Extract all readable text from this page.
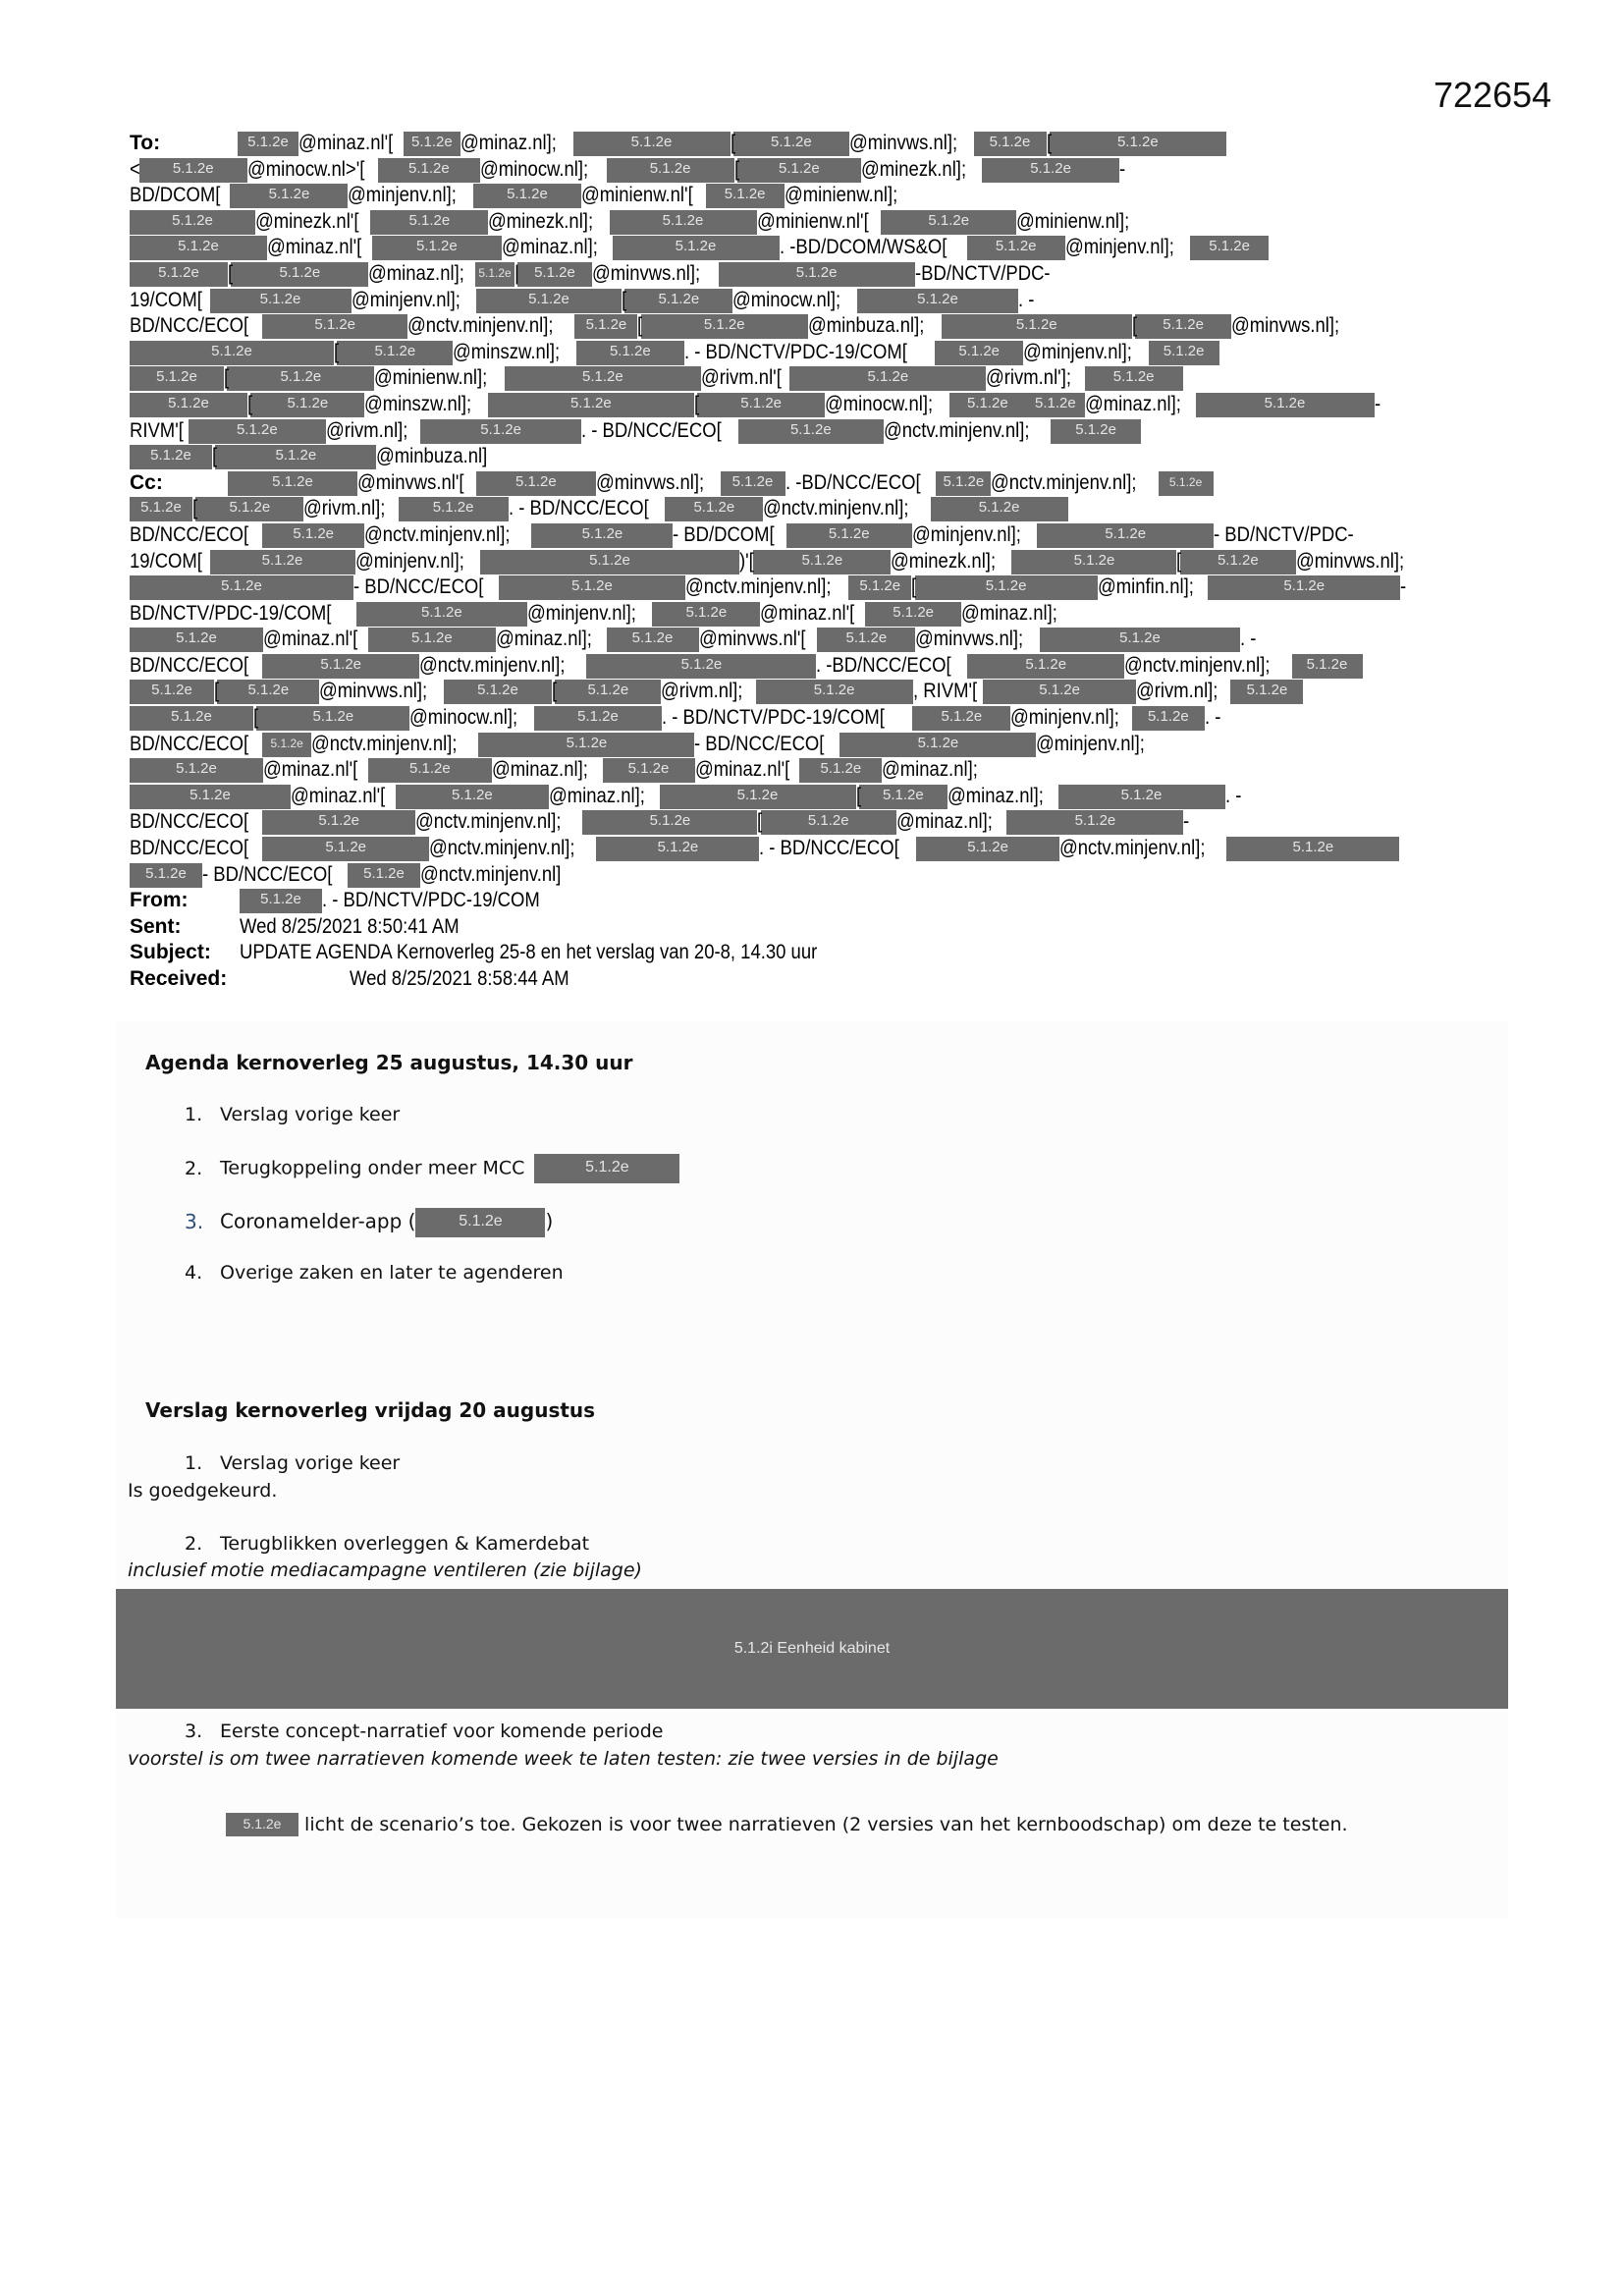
722654
To:	5.1.2e @minaz.nl'[ 5.1.2e @minaz.nl];	5.1.2e	[ 5.1.2e @minvws.nl]; 5.1.2e [	5.1.2e
< 5.1.2e @minocw.nl>'[	5.1.2e @minocw.nl];	5.1.2e [	5.1.2e @minezk.nl];	5.1.2e-
BD/DCOM[	5.1.2e @minjenv.nl];	5.1.2e @minienw.nl'[ 5.1.2e @minienw.nl];
5.1.2e @minezk.nl'[	5.1.2e @minezk.nl];	5.1.2e	@minienw.nl'[	5.1.2e @minienw.nl];
5.1.2e @minaz.nl'[	5.1.2e @minaz.nl];	5.1.2e	. -BD/DCOM/WS&O[	5.1.2e @minjenv.nl]; 5.1.2e
5.1.2e [	5.1.2e @minaz.nl]; 5.1.2e | 5.1.2e @minvws.nl];	5.1.2e	-BD/NCTV/PDC-
19/COM[	5.1.2e @minjenv.nl];	5.1.2e	[ 5.1.2e @minocw.nl];	5.1.2e	. -
BD/NCC/ECO[	5.1.2e	@nctv.minjenv.nl]; 5.1.2e [	5.1.2e	@minbuza.nl];	5.1.2e	[ 5.1.2e @minvws.nl];
5.1.2e	[ 5.1.2e @minszw.nl];	5.1.2e . - BD/NCTV/PDC-19/COM[	5.1.2e @minjenv.nl]; 5.1.2e
5.1.2e [	5.1.2e	@minienw.nl];	5.1.2e	@rivm.nl'[	5.1.2e	@rivm.nl'];	5.1.2e
5.1.2e [ 5.1.2e @minszw.nl];	5.1.2e	[	5.1.2e @minocw.nl]; 5.1.2e 5.1.2e @minaz.nl];	5.1.2e	-
RIVM'[	5.1.2e @rivm.nl];	5.1.2e	. - BD/NCC/ECO[	5.1.2e	@nctv.minjenv.nl];	5.1.2e
5.1.2e [	5.1.2e	@minbuza.nl]
Cc:	5.1.2e @minvws.nl'[	5.1.2e @minvws.nl]; 5.1.2e . -BD/NCC/ECO[ 5.1.2e @nctv.minjenv.nl];	5.1.2e
5.1.2e [ 5.1.2e @rivm.nl];	5.1.2e . - BD/NCC/ECO[	5.1.2e @nctv.minjenv.nl];	5.1.2e
BD/NCC/ECO[	5.1.2e @nctv.minjenv.nl];	5.1.2e- BD/DCOM[	5.1.2e @minjenv.nl];	5.1.2e	- BD/NCTV/PDC-
19/COM[	5.1.2e	@minjenv.nl];	5.1.2e	)'[	5.1.2e @minezk.nl];	5.1.2e	[ 5.1.2e @minvws.nl];
5.1.2e	- BD/NCC/ECO[	5.1.2e	@nctv.minjenv.nl]; 5.1.2e [	5.1.2e	@minfin.nl];	5.1.2e	-
BD/NCTV/PDC-19/COM[	5.1.2e	@minjenv.nl];	5.1.2e @minaz.nl'[	5.1.2e @minaz.nl];
5.1.2e @minaz.nl'[	5.1.2e @minaz.nl];	5.1.2e @minvws.nl'[	5.1.2e @minvws.nl];	5.1.2e	. -
BD/NCC/ECO[	5.1.2e	@nctv.minjenv.nl];	5.1.2e	. -BD/NCC/ECO[	5.1.2e	@nctv.minjenv.nl]; 5.1.2e
5.1.2e [ 5.1.2e @minvws.nl];	5.1.2e [ 5.1.2e @rivm.nl];	5.1.2e	, RIVM'[	5.1.2e	@rivm.nl]; 5.1.2e
5.1.2e [	5.1.2e	@minocw.nl];	5.1.2e . - BD/NCTV/PDC-19/COM[	5.1.2e @minjenv.nl]; 5.1.2e . -
BD/NCC/ECO[ 5.1.2e @nctv.minjenv.nl];	5.1.2e	- BD/NCC/ECO[	5.1.2e	@minjenv.nl];
5.1.2e @minaz.nl'[	5.1.2e @minaz.nl];	5.1.2e @minaz.nl'[ 5.1.2e @minaz.nl];
5.1.2e	@minaz.nl'[	5.1.2e	@minaz.nl];	5.1.2e	[ 5.1.2e @minaz.nl];	5.1.2e	. -
BD/NCC/ECO[	5.1.2e	@nctv.minjenv.nl];	5.1.2e	[	5.1.2e @minaz.nl];	5.1.2e	-
BD/NCC/ECO[	5.1.2e	@nctv.minjenv.nl];	5.1.2e	. - BD/NCC/ECO[	5.1.2e @nctv.minjenv.nl];	5.1.2e
5.1.2e - BD/NCC/ECO[ 5.1.2e @nctv.minjenv.nl]
From:	5.1.2e	. - BD/NCTV/PDC-19/COM
Sent:	Wed 8/25/2021 8:50:41 AM
Subject: UPDATE AGENDA Kernoverleg 25-8 en het verslag van 20-8, 14.30 uur
Received:	Wed 8/25/2021 8:58:44 AM
Agenda kernoverleg 25 augustus, 14.30 uur
1. Verslag vorige keer
2. Terugkoppeling onder meer MCC	5.1.2e
3. Coronamelder-app (	5.1.2e )
4. Overige zaken en later te agenderen
Verslag kernoverleg vrijdag 20 augustus
1. Verslag vorige keer
Is goedgekeurd.
2. Terugblikken overleggen & Kamerdebat
inclusief motie mediacampagne ventileren (zie bijlage)
5.1.2i Eenheid kabinet
3. Eerste concept-narratief voor komende periode
voorstel is om twee narratieven komende week te laten testen: zie twee versies in de bijlage
5.1.2e licht de scenario’s toe. Gekozen is voor twee narratieven (2 versies van het kernboodschap) om deze te testen.
